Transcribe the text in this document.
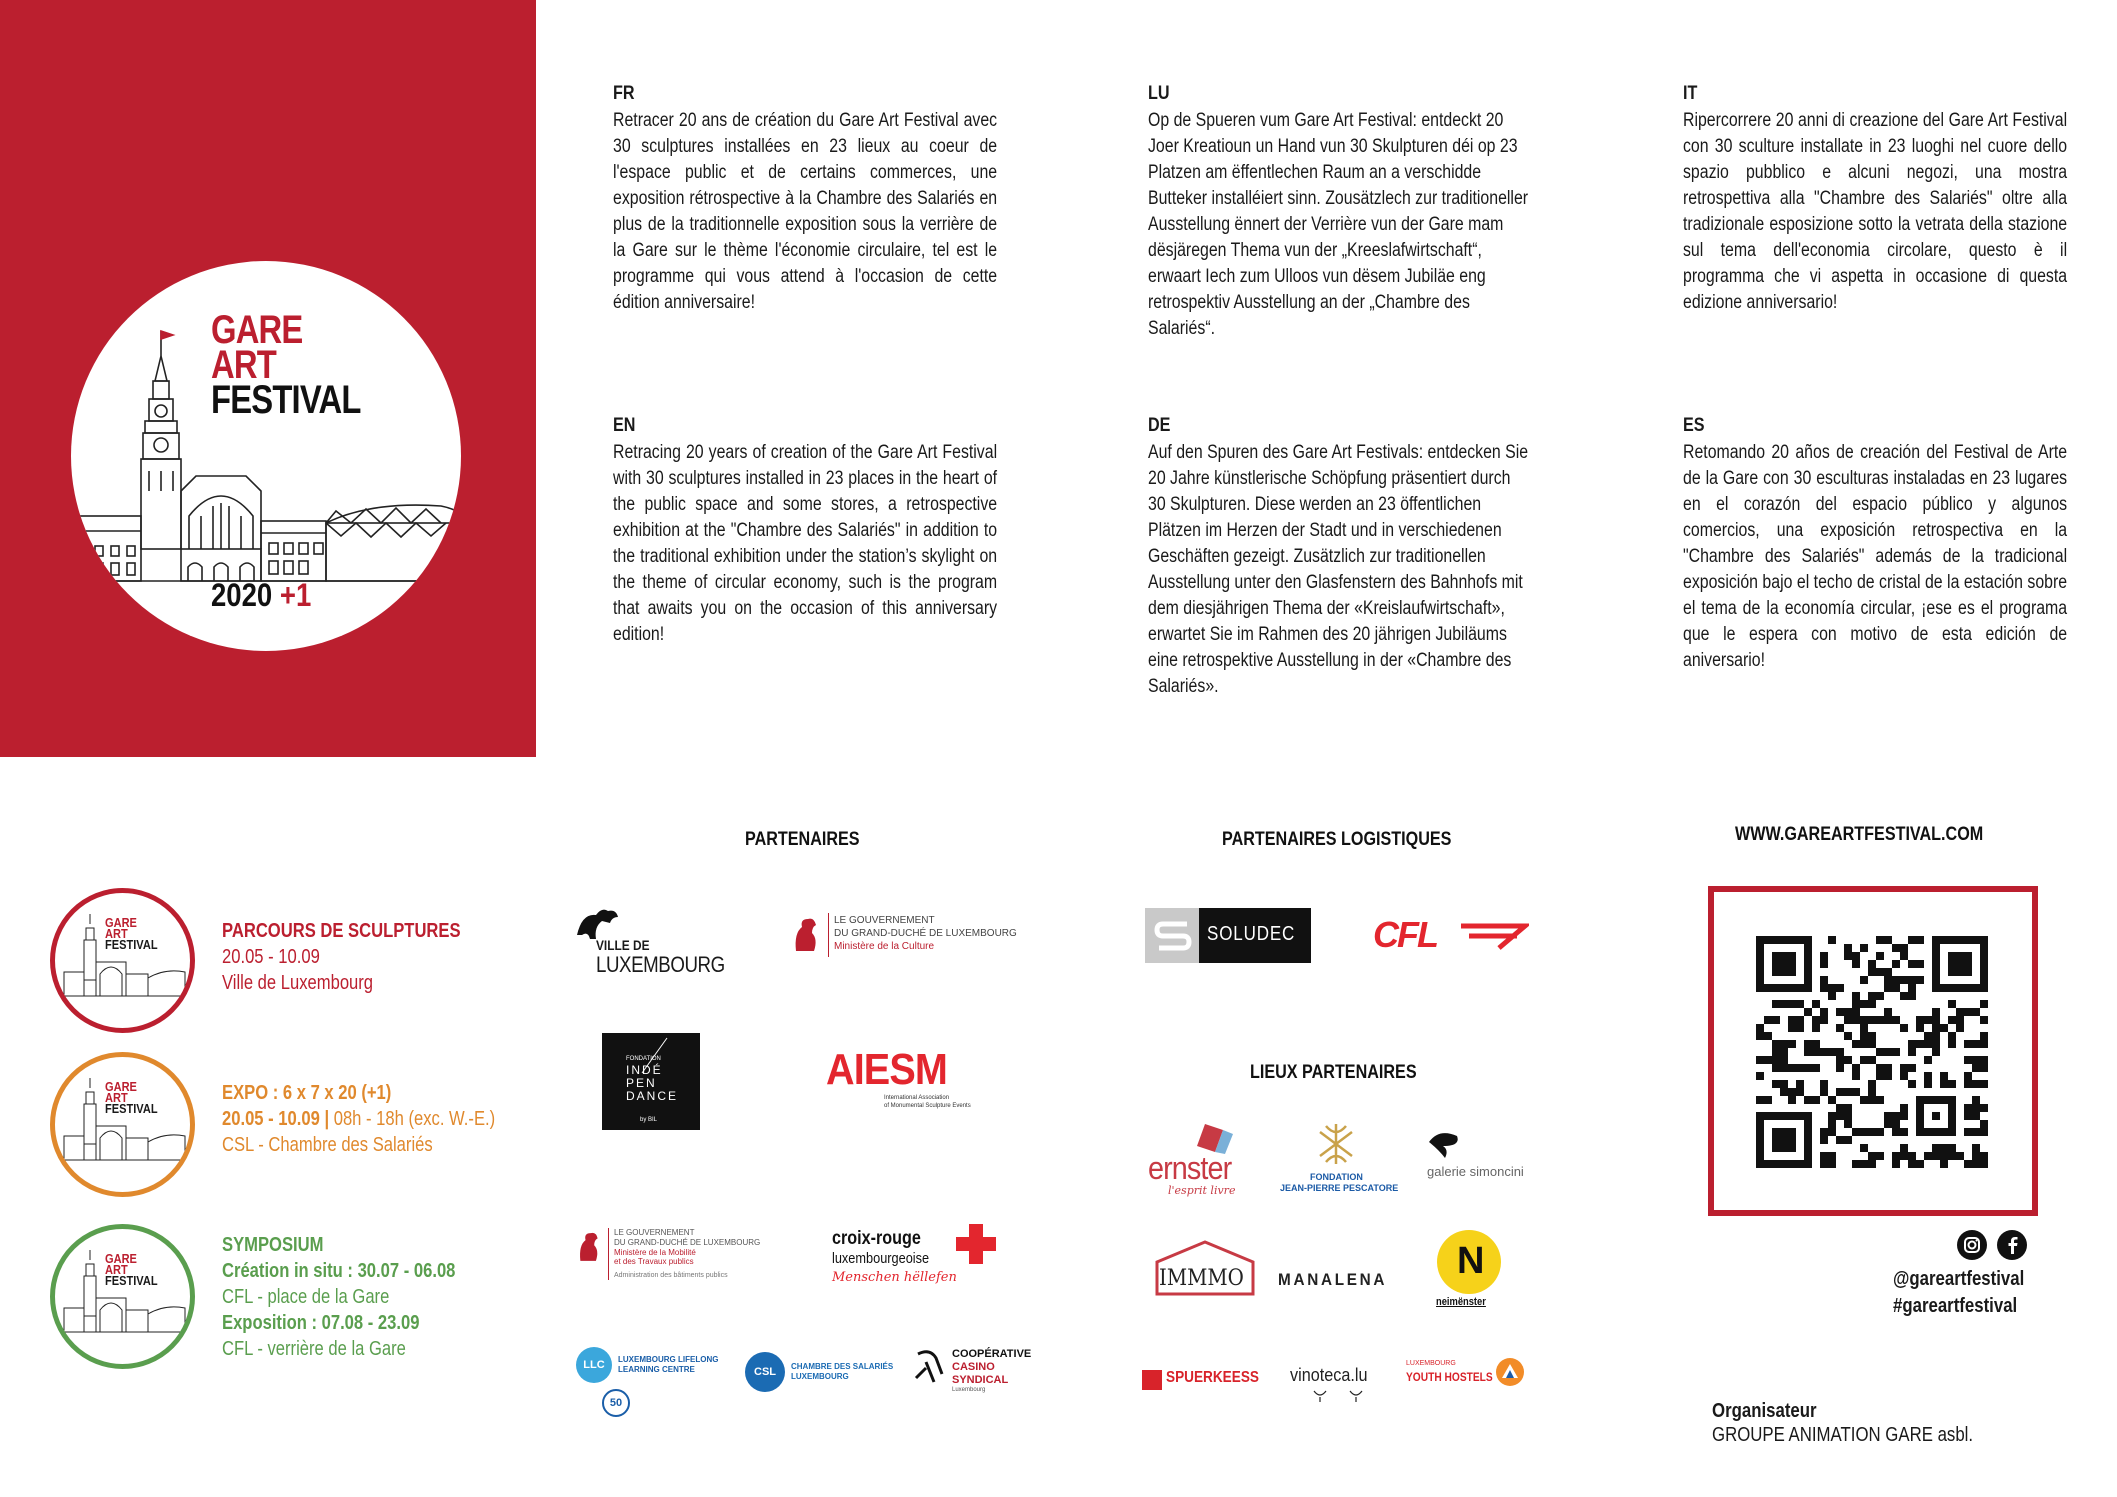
GARE
ART
FESTIVAL
2020 +1
FR
Retracer 20 ans de création du Gare Art Festival avec 30 sculptures installées en 23 lieux au coeur de l'espace public et de certains commerces, une exposition rétrospective à la Chambre des Salariés en plus de la traditionnelle exposition sous la verrière de la Gare sur le thème l'économie circulaire, tel est le programme qui vous attend à l'occasion de cette édition anniversaire!
LU
Op de Spueren vum Gare Art Festival: entdeckt 20 Joer Kreatioun un Hand vun 30 Skulpturen déi op 23 Platzen am ëffentlechen Raum an a verschidde Butteker installéiert sinn. Zousätzlech zur traditioneller Ausstellung ënnert der Verrière vun der Gare mam dësjäregen Thema vun der „Kreeslafwirtschaft“, erwaart Iech zum Ulloos vun dësem Jubiläe eng retrospektiv Ausstellung an der „Chambre des Salariés“.
IT
Ripercorrere 20 anni di creazione del Gare Art Festival con 30 sculture installate in 23 luoghi nel cuore dello spazio pubblico e alcuni negozi, una mostra retrospettiva alla "Chambre des Salariés" oltre alla tradizionale esposizione sotto la vetrata della stazione sul tema dell'economia circolare, questo è il programma che vi aspetta in occasione di questa edizione anniversario!
EN
Retracing 20 years of creation of the Gare Art Festival with 30 sculptures installed in 23 places in the heart of the public space and some stores, a retrospective exhibition at the "Chambre des Salariés" in addition to the traditional exhibition under the station’s skylight on the theme of circular economy, such is the program that awaits you on the occasion of this anniversary edition!
DE
Auf den Spuren des Gare Art Festivals: entdecken Sie 20 Jahre künstlerische Schöpfung präsentiert durch 30 Skulpturen. Diese werden an 23 öffentlichen Plätzen im Herzen der Stadt und in verschiedenen Geschäften gezeigt. Zusätzlich zur traditionellen Ausstellung unter den Glasfenstern des Bahnhofs mit dem diesjährigen Thema der «Kreislaufwirtschaft», erwartet Sie im Rahmen des 20 jährigen Jubiläums eine retrospektive Ausstellung in der «Chambre des Salariés».
ES
Retomando 20 años de creación del Festival de Arte de la Gare con 30 esculturas instaladas en 23 lugares en el corazón del espacio público y algunos comercios, una exposición retrospectiva en la "Chambre des Salariés" además de la tradicional exposición bajo el techo de cristal de la estación sobre el tema de la economía circular, ¡ese es el programa que le espera con motivo de esta edición de aniversario!
GARE
ART
FESTIVAL
PARCOURS DE SCULPTURES
20.05 - 10.09
Ville de Luxembourg
GARE
ART
FESTIVAL
EXPO : 6 x 7 x 20 (+1)
20.05 - 10.09 | 08h - 18h (exc. W.-E.)
CSL - Chambre des Salariés
GARE
ART
FESTIVAL
SYMPOSIUM
Création in situ : 30.07 - 06.08
CFL - place de la Gare
Exposition : 07.08 - 23.09
CFL - verrière de la Gare
PARTENAIRES
VILLE DE
LUXEMBOURG
LE GOUVERNEMENT
DU GRAND-DUCHÉ DE LUXEMBOURG
Ministère de la Culture
FONDATION
INDÉ
PEN
DANCE
by BIL
AIESM
International Association
of Monumental Sculpture Events
LE GOUVERNEMENT
DU GRAND-DUCHÉ DE LUXEMBOURG
Ministère de la Mobilité
et des Travaux publics
Administration des bâtiments publics
croix-rouge
luxembourgeoise
Menschen hëllefen
LLC	LUXEMBOURG LIFELONG
LEARNING CENTRE
50
CSL	CHAMBRE DES SALARIÉS
LUXEMBOURG
COOPÉRATIVE
CASINO
SYNDICAL
Luxembourg
PARTENAIRES LOGISTIQUES
SOLUDEC CFL
LIEUX PARTENAIRES
ernster
l'esprit livre
FONDATION
JEAN-PIERRE PESCATORE
galerie simoncini
IMMMO MANALENA N
neimënster
SPUERKEESS vinoteca.lu
LUXEMBOURG
YOUTH HOSTELS
WWW.GAREARTFESTIVAL.COM
@gareartfestival
#gareartfestival
Organisateur
GROUPE ANIMATION GARE asbl.
